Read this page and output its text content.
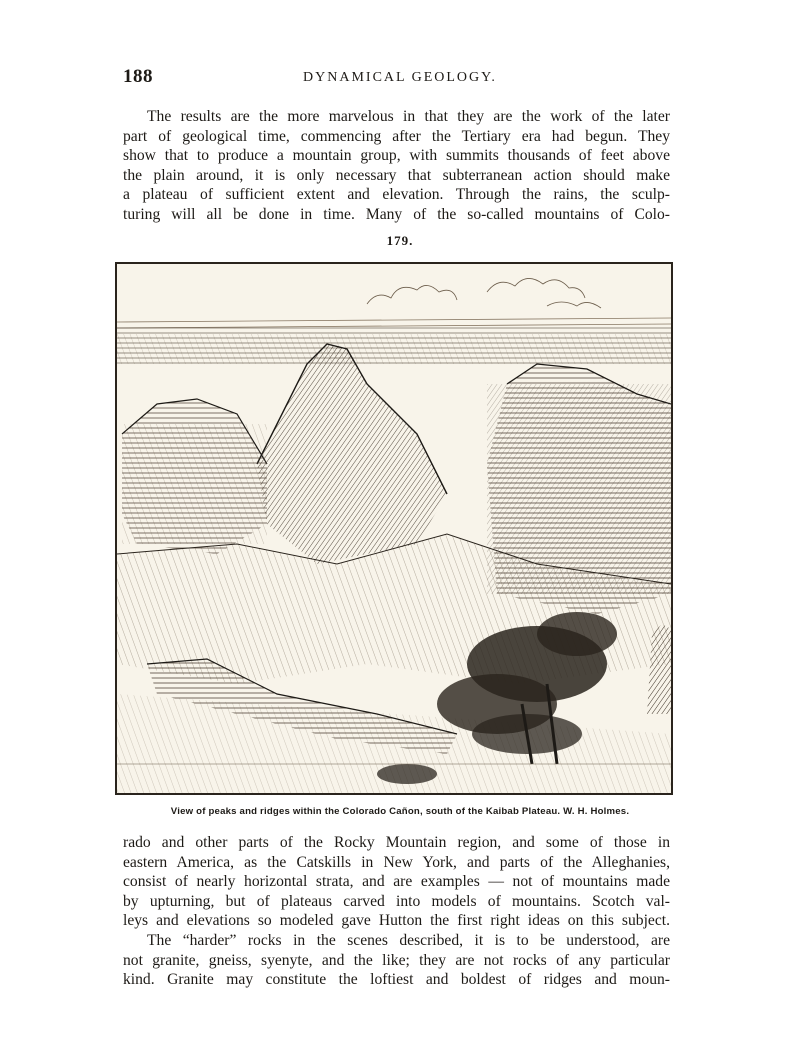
188	DYNAMICAL GEOLOGY.
The results are the more marvelous in that they are the work of the later
part of geological time, commencing after the Tertiary era had begun. They
show that to produce a mountain group, with summits thousands of feet above
the plain around, it is only necessary that subterranean action should make
a plateau of sufficient extent and elevation. Through the rains, the sculp-
turing will all be done in time. Many of the so-called mountains of Colo-
179.
View of peaks and ridges within the Colorado Cañon, south of the Kaibab Plateau. W. H. Holmes.
rado and other parts of the Rocky Mountain region, and some of those in
eastern America, as the Catskills in New York, and parts of the Alleghanies,
consist of nearly horizontal strata, and are examples — not of mountains made
by upturning, but of plateaus carved into models of mountains. Scotch val-
leys and elevations so modeled gave Hutton the first right ideas on this subject.
The “harder” rocks in the scenes described, it is to be understood, are
not granite, gneiss, syenyte, and the like; they are not rocks of any particular
kind. Granite may constitute the loftiest and boldest of ridges and moun-
